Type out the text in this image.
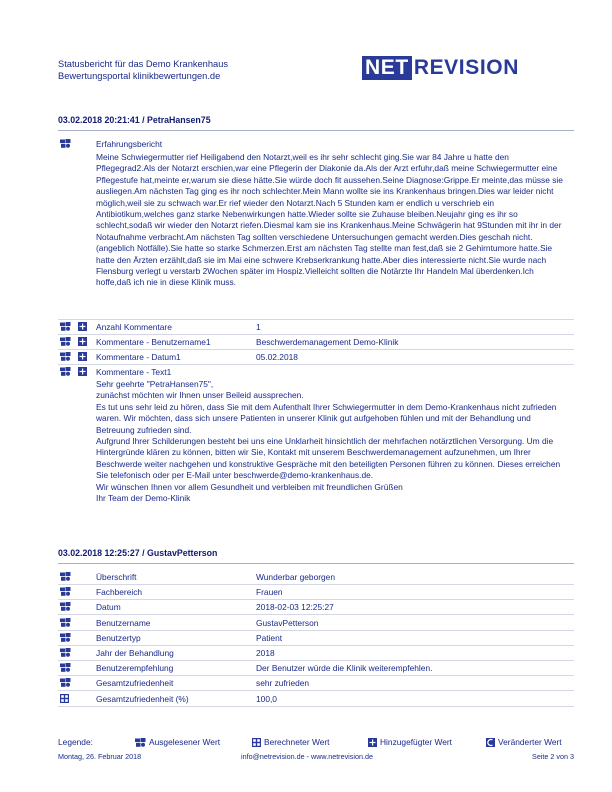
Statusbericht für das Demo Krankenhaus
Bewertungsportal klinikbewertungen.de	NET REVISION
03.02.2018 20:21:41 / PetraHansen75
Erfahrungsbericht
Meine Schwiegermutter rief Heiligabend den Notarzt,weil es ihr sehr schlecht ging.Sie war 84 Jahre u hatte den Pflegegrad2.Als der Notarzt erschien,war eine Pflegerin der Diakonie da.Als der Arzt erfuhr,daß meine Schwiegermutter eine Pflegestufe hat,meinte er,warum sie diese hätte.Sie würde doch fit aussehen.Seine Diagnose:Grippe.Er meinte,das müsse sie ausliegen.Am nächsten Tag ging es ihr noch schlechter.Mein Mann wollte sie ins Krankenhaus bringen.Dies war leider nicht möglich,weil sie zu schwach war.Er rief wieder den Notarzt.Nach 5 Stunden kam er endlich u verschrieb ein Antibiotikum,welches ganz starke Nebenwirkungen hatte.Wieder sollte sie Zuhause bleiben.Neujahr ging es ihr so schlecht,sodaß wir wieder den Notarzt riefen.Diesmal kam sie ins Krankenhaus.Meine Schwägerin hat 9Stunden mit ihr in der Notaufnahme verbracht.Am nächsten Tag sollten verschiedene Untersuchungen gemacht werden.Dies geschah nicht.(angeblich Notfälle).Sie hatte so starke Schmerzen.Erst am nächsten Tag stellte man fest,daß sie 2 Gehirntumore hatte.Sie hatte den Ärzten erzählt,daß sie im Mai eine schwere Krebserkrankung hatte.Aber dies interessierte nicht.Sie wurde nach Flensburg verlegt u verstarb 2Wochen später im Hospiz.Vielleicht sollten die Notärzte Ihr Handeln Mal überdenken.Ich hoffe,daß ich nie in diese Klinik muss.
Anzahl Kommentare	1
Kommentare - Benutzername1	Beschwerdemanagement Demo-Klinik
Kommentare - Datum1	05.02.2018
Kommentare - Text1
Sehr geehrte "PetraHansen75",
zunächst möchten wir Ihnen unser Beileid aussprechen.
Es tut uns sehr leid zu hören, dass Sie mit dem Aufenthalt Ihrer Schwiegermutter in dem Demo-Krankenhaus nicht zufrieden waren. Wir möchten, dass sich unsere Patienten in unserer Klinik gut aufgehoben fühlen und mit der Behandlung und Betreuung zufrieden sind.
Aufgrund Ihrer Schilderungen besteht bei uns eine Unklarheit hinsichtlich der mehrfachen notärztlichen Versorgung. Um die Hintergründe klären zu können, bitten wir Sie, Kontakt mit unserem Beschwerdemanagement aufzunehmen, um Ihrer Beschwerde weiter nachgehen und konstruktive Gespräche mit den beteiligten Personen führen zu können. Dieses erreichen Sie telefonisch oder per E-Mail unter beschwerde@demo-krankenhaus.de.
Wir wünschen Ihnen vor allem Gesundheit und verbleiben mit freundlichen Grüßen
Ihr Team der Demo-Klinik
03.02.2018 12:25:27 / GustavPetterson
Überschrift	Wunderbar geborgen
Fachbereich	Frauen
Datum	2018-02-03 12:25:27
Benutzername	GustavPetterson
Benutzertyp	Patient
Jahr der Behandlung	2018
Benutzerempfehlung	Der Benutzer würde die Klinik weiterempfehlen.
Gesamtzufriedenheit	sehr zufrieden
Gesamtzufriedenheit (%)	100,0
Legende:	Ausgelesener Wert	Berechneter Wert	Hinzugefügter Wert	Veränderter Wert
Montag, 26. Februar 2018	info@netrevision.de - www.netrevision.de	Seite 2 von 3
